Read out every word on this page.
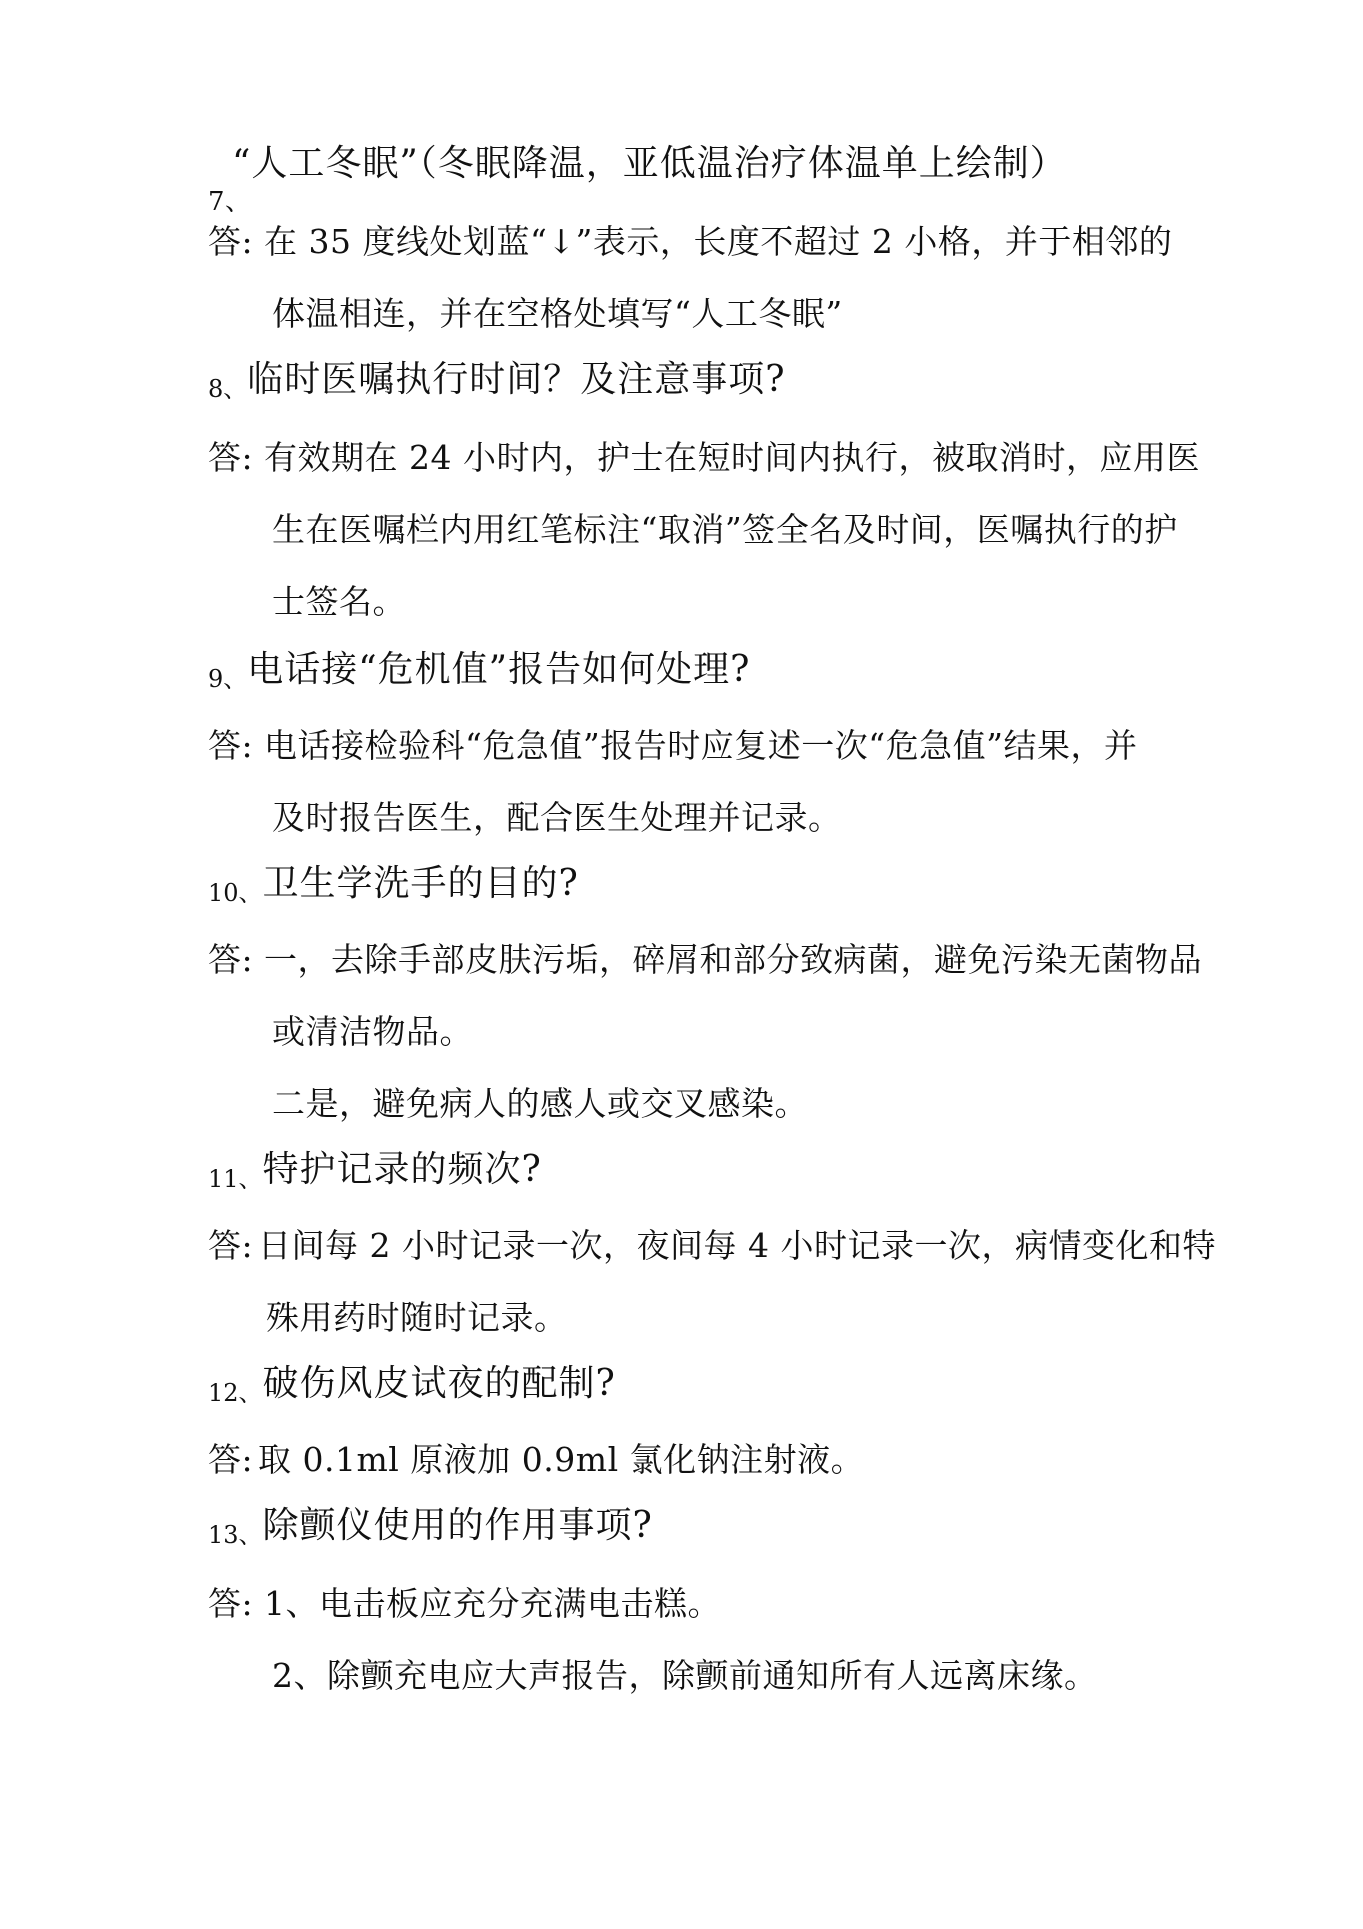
“人工冬眠”（冬眠降温，亚低温治疗体温单上绘制）
7、
答: 在 35 度线处划蓝“↓”表示，长度不超过 2 小格，并于相邻的
体温相连，并在空格处填写“人工冬眠”
8、临时医嘱执行时间？及注意事项?
答: 有效期在 24 小时内，护士在短时间内执行，被取消时，应用医
生在医嘱栏内用红笔标注“取消”签全名及时间，医嘱执行的护
士签名。
9、电话接“危机值”报告如何处理?
答: 电话接检验科“危急值”报告时应复述一次“危急值”结果，并
及时报告医生，配合医生处理并记录。
10、卫生学洗手的目的?
答: 一，去除手部皮肤污垢，碎屑和部分致病菌，避免污染无菌物品
或清洁物品。
二是，避免病人的感人或交叉感染。
11、特护记录的频次?
答: 日间每 2 小时记录一次，夜间每 4 小时记录一次，病情变化和特
殊用药时随时记录。
12、破伤风皮试夜的配制?
答: 取 0.1ml 原液加 0.9ml 氯化钠注射液。
13、除颤仪使用的作用事项?
答: 1、电击板应充分充满电击糕。
2、除颤充电应大声报告，除颤前通知所有人远离床缘。
